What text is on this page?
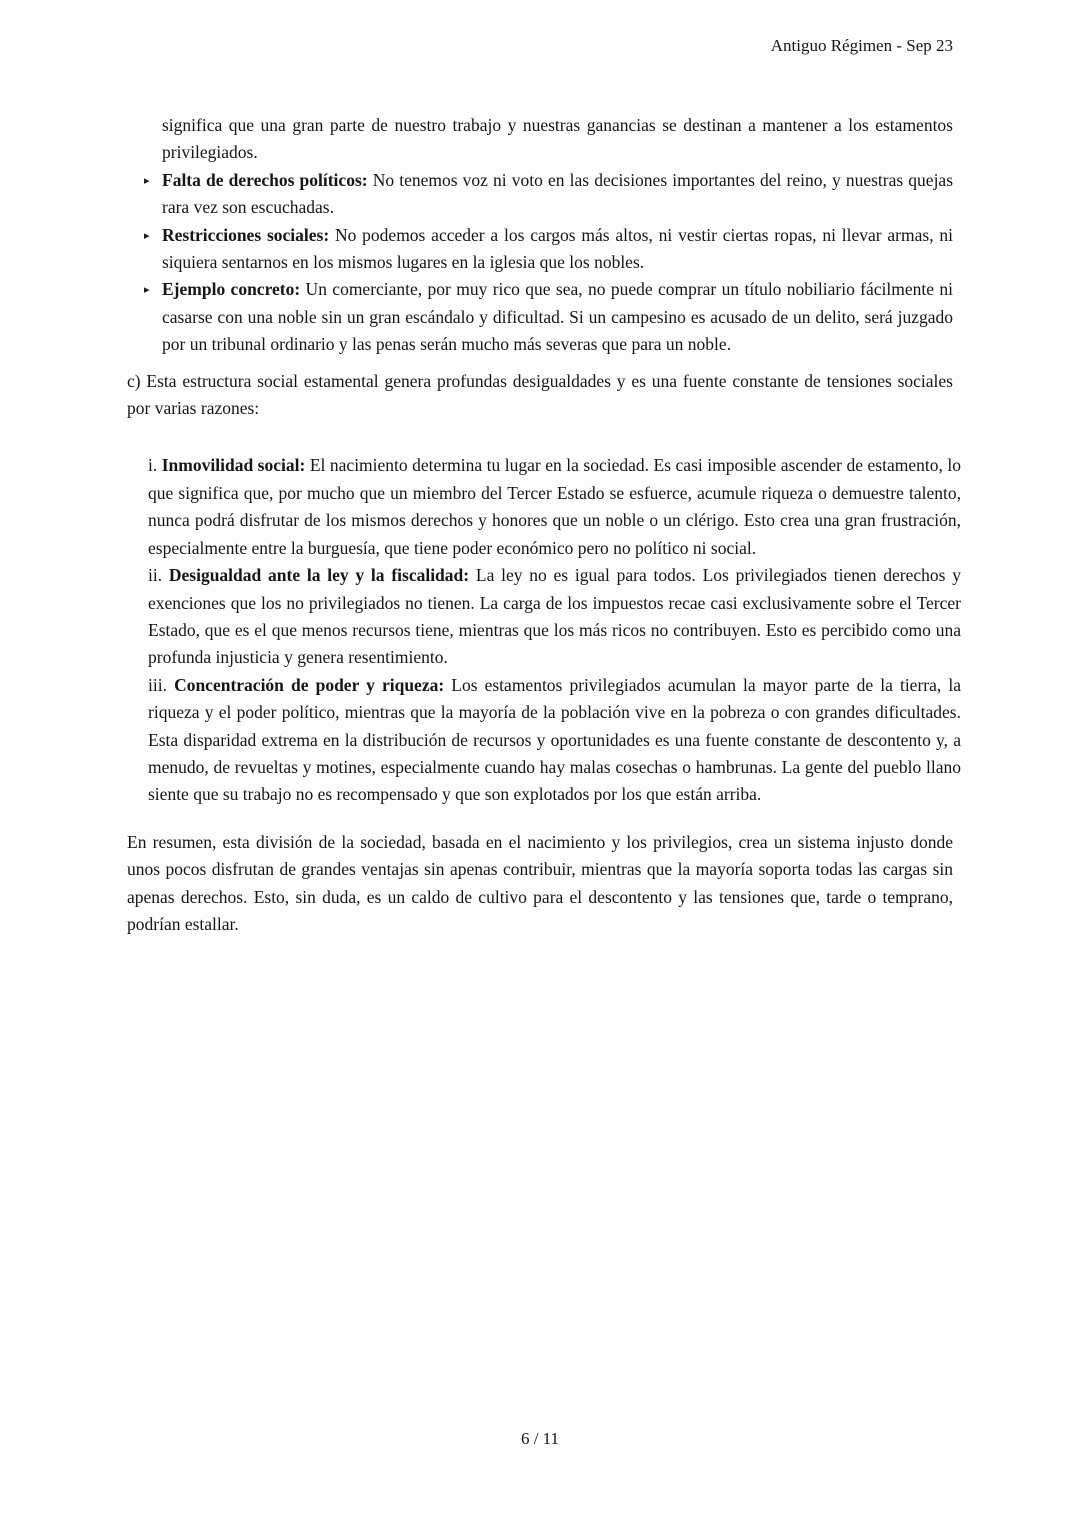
Antiguo Régimen - Sep 23

significa que una gran parte de nuestro trabajo y nuestras ganancias se destinan a mantener a los estamentos privilegiados.

▸ Falta de derechos políticos: No tenemos voz ni voto en las decisiones importantes del reino, y nuestras quejas rara vez son escuchadas.
▸ Restricciones sociales: No podemos acceder a los cargos más altos, ni vestir ciertas ropas, ni llevar armas, ni siquiera sentarnos en los mismos lugares en la iglesia que los nobles.
▸ Ejemplo concreto: Un comerciante, por muy rico que sea, no puede comprar un título nobiliario fácilmente ni casarse con una noble sin un gran escándalo y dificultad. Si un campesino es acusado de un delito, será juzgado por un tribunal ordinario y las penas serán mucho más severas que para un noble.

c) Esta estructura social estamental genera profundas desigualdades y es una fuente constante de tensiones sociales por varias razones:

i. Inmovilidad social: El nacimiento determina tu lugar en la sociedad. Es casi imposible ascender de estamento, lo que significa que, por mucho que un miembro del Tercer Estado se esfuerce, acumule riqueza o demuestre talento, nunca podrá disfrutar de los mismos derechos y honores que un noble o un clérigo. Esto crea una gran frustración, especialmente entre la burguesía, que tiene poder económico pero no político ni social.

ii. Desigualdad ante la ley y la fiscalidad: La ley no es igual para todos. Los privilegiados tienen derechos y exenciones que los no privilegiados no tienen. La carga de los impuestos recae casi exclusivamente sobre el Tercer Estado, que es el que menos recursos tiene, mientras que los más ricos no contribuyen. Esto es percibido como una profunda injusticia y genera resentimiento.

iii. Concentración de poder y riqueza: Los estamentos privilegiados acumulan la mayor parte de la tierra, la riqueza y el poder político, mientras que la mayoría de la población vive en la pobreza o con grandes dificultades. Esta disparidad extrema en la distribución de recursos y oportunidades es una fuente constante de descontento y, a menudo, de revueltas y motines, especialmente cuando hay malas cosechas o hambrunas. La gente del pueblo llano siente que su trabajo no es recompensado y que son explotados por los que están arriba.

En resumen, esta división de la sociedad, basada en el nacimiento y los privilegios, crea un sistema injusto donde unos pocos disfrutan de grandes ventajas sin apenas contribuir, mientras que la mayoría soporta todas las cargas sin apenas derechos. Esto, sin duda, es un caldo de cultivo para el descontento y las tensiones que, tarde o temprano, podrían estallar.

6 / 11
